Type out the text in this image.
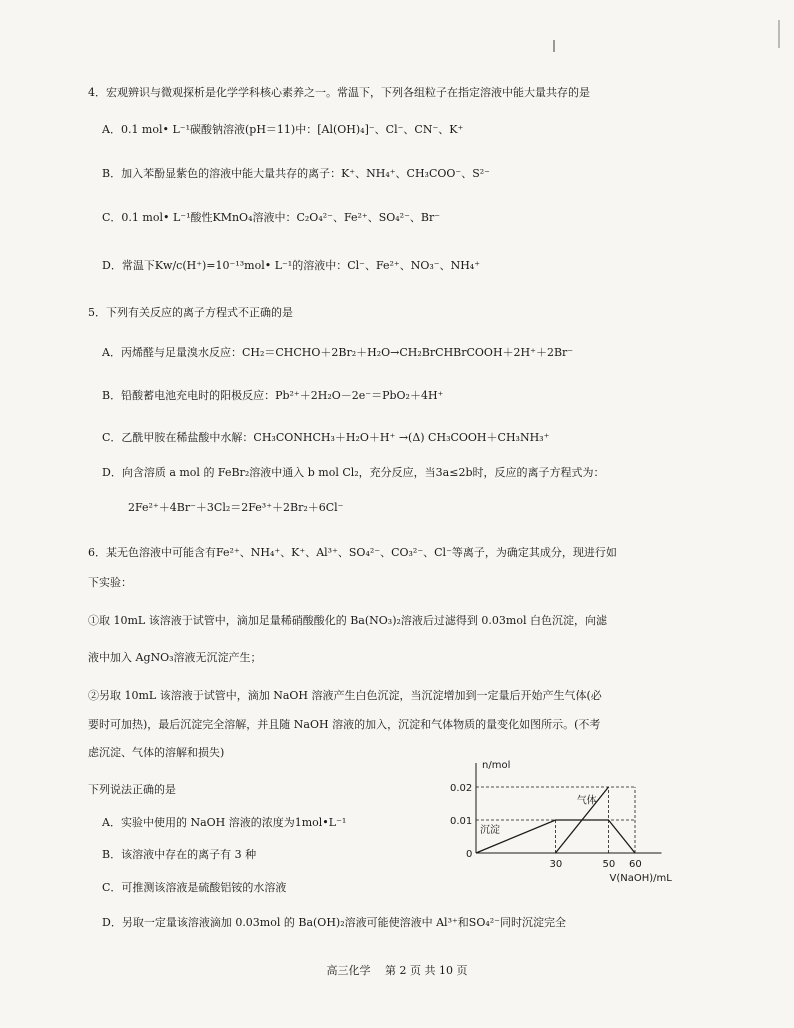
4．宏观辨识与微观探析是化学学科核心素养之一。常温下，下列各组粒子在指定溶液中能大量共存的是
A．0.1 mol• L⁻¹碳酸钠溶液(pH＝11)中：[Al(OH)₄]⁻、Cl⁻、CN⁻、K⁺
B．加入苯酚显紫色的溶液中能大量共存的离子：K⁺、NH₄⁺、CH₃COO⁻、S²⁻
C．0.1 mol• L⁻¹酸性KMnO₄溶液中：C₂O₄²⁻、Fe²⁺、SO₄²⁻、Br⁻
D．常温下Kw/c(H⁺)=10⁻¹³mol• L⁻¹的溶液中：Cl⁻、Fe²⁺、NO₃⁻、NH₄⁺
5．下列有关反应的离子方程式不正确的是
A．丙烯醛与足量溴水反应：CH₂＝CHCHO＋2Br₂＋H₂O→CH₂BrCHBrCOOH＋2H⁺＋2Br⁻
B．铅酸蓄电池充电时的阳极反应：Pb²⁺＋2H₂O－2e⁻＝PbO₂＋4H⁺
C．乙酰甲胺在稀盐酸中水解：CH₃CONHCH₃＋H₂O＋H⁺ →(Δ) CH₃COOH＋CH₃NH₃⁺
D．向含溶质 a mol 的 FeBr₂溶液中通入 b mol Cl₂，充分反应，当3a≤2b时，反应的离子方程式为：
2Fe²⁺＋4Br⁻＋3Cl₂＝2Fe³⁺＋2Br₂＋6Cl⁻
6．某无色溶液中可能含有Fe²⁺、NH₄⁺、K⁺、Al³⁺、SO₄²⁻、CO₃²⁻、Cl⁻等离子，为确定其成分，现进行如
下实验：
①取 10mL 该溶液于试管中，滴加足量稀硝酸酸化的 Ba(NO₃)₂溶液后过滤得到 0.03mol 白色沉淀，向滤
液中加入 AgNO₃溶液无沉淀产生；
②另取 10mL 该溶液于试管中，滴加 NaOH 溶液产生白色沉淀，当沉淀增加到一定量后开始产生气体(必
要时可加热)，最后沉淀完全溶解，并且随 NaOH 溶液的加入，沉淀和气体物质的量变化如图所示。(不考
虑沉淀、气体的溶解和损失)
下列说法正确的是
A．实验中使用的 NaOH 溶液的浓度为1mol•L⁻¹
B．该溶液中存在的离子有 3 种
C．可推测该溶液是硫酸铝铵的水溶液
D．另取一定量该溶液滴加 0.03mol 的 Ba(OH)₂溶液可能使溶液中 Al³⁺和SO₄²⁻同时沉淀完全
n/mol
V(NaOH)/mL
0
0.01
0.02
30	50 60
沉淀
气体
高三化学　 第 2 页 共 10 页
